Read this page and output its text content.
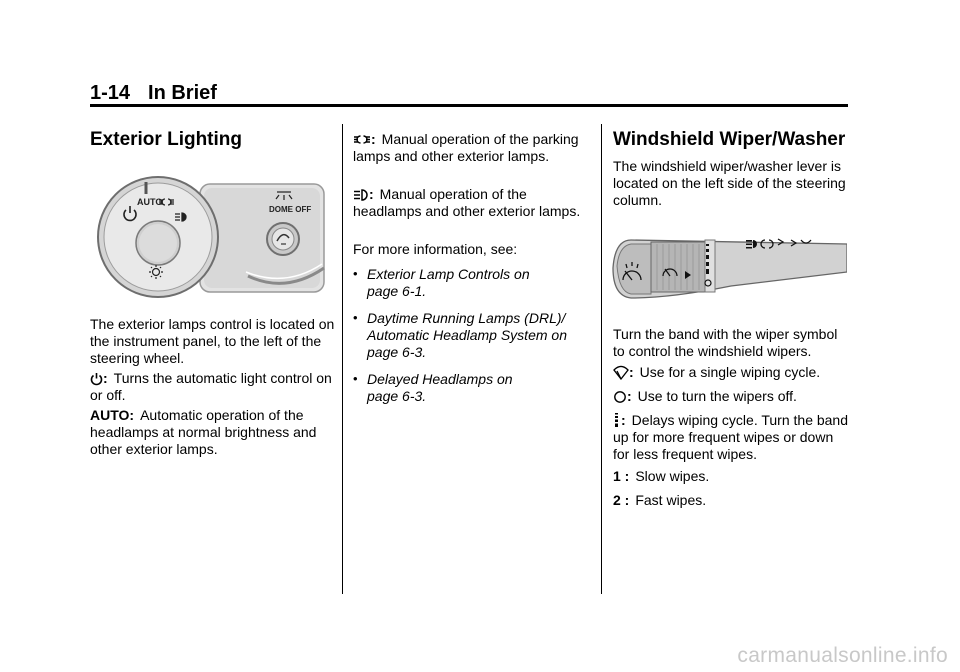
1-14 In Brief
Exterior Lighting
DOME OFF
AUTO
The exterior lamps control is located on the instrument panel, to the left of the steering wheel.
: Turns the automatic light control on or off.
AUTO: Automatic operation of the headlamps at normal brightness and other exterior lamps.
: Manual operation of the parking lamps and other exterior lamps.
: Manual operation of the headlamps and other exterior lamps.
For more information, see:
• Exterior Lamp Controls on
page 6-1.
• Daytime Running Lamps (DRL)/
Automatic Headlamp System on
page 6-3.
• Delayed Headlamps on
page 6-3.
Windshield Wiper/Washer
The windshield wiper/washer lever is located on the left side of the steering column.
Turn the band with the wiper symbol to control the windshield wipers.
: Use for a single wiping cycle.
: Use to turn the wipers off.
: Delays wiping cycle. Turn the band up for more frequent wipes or down for less frequent wipes.
1 : Slow wipes.
2 : Fast wipes.
carmanualsonline.info
